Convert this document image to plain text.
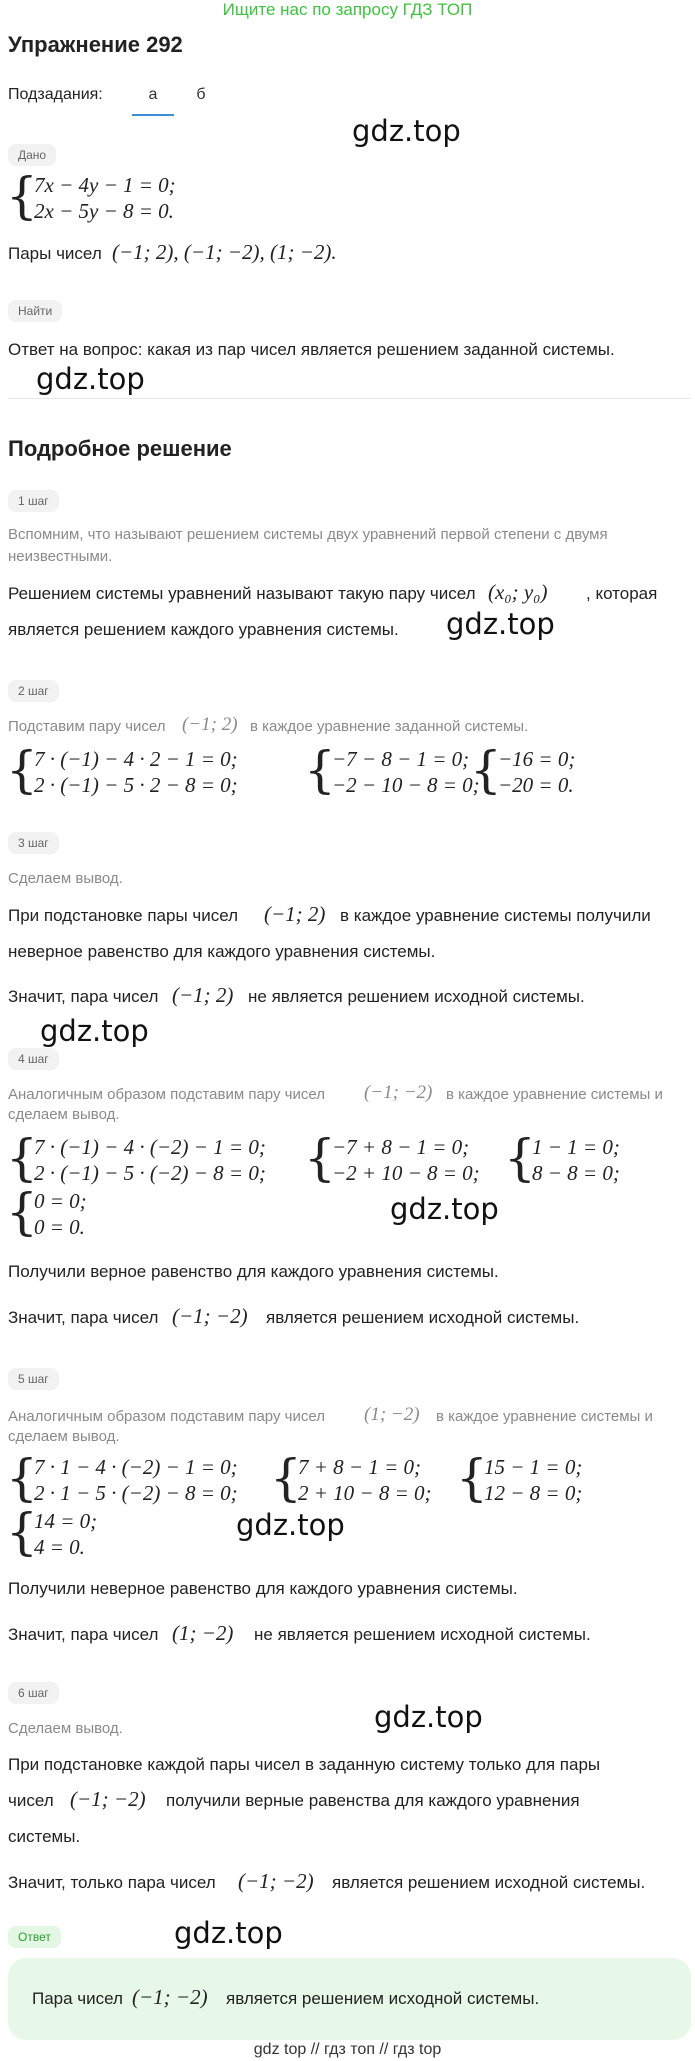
Ищите нас по запросу ГДЗ ТОП
Упражнение 292
Подзадания:	а	б
gdz.top
Дано
{
7x − 4y − 1 = 0;
2x − 5y − 8 = 0.
Пары чисел (−1; 2), (−1; −2), (1; −2).
Найти
Ответ на вопрос: какая из пар чисел является решением заданной системы.
gdz.top
Подробное решение
1 шаг
Вспомним, что называют решением системы двух уравнений первой степени с двумя неизвестными.
Решением системы уравнений называют такую пару чисел (x₀; y₀) , которая
является решением каждого уравнения системы. gdz.top
2 шаг
Подставим пару чисел (−1; 2) в каждое уравнение заданной системы.
{
7 · (−1) − 4 · 2 − 1 = 0;
2 · (−1) − 5 · 2 − 8 = 0; {
−7 − 8 − 1 = 0;
−2 − 10 − 8 = 0;
{
−16 = 0;
−20 = 0.
3 шаг
Сделаем вывод.
При подстановке пары чисел (−1; 2) в каждое уравнение системы получили
неверное равенство для каждого уравнения системы.
Значит, пара чисел (−1; 2) не является решением исходной системы.
gdz.top
4 шаг
Аналогичным образом подставим пару чисел (−1; −2) в каждое уравнение системы и
сделаем вывод.
{
7 · (−1) − 4 · (−2) − 1 = 0;
2 · (−1) − 5 · (−2) − 8 = 0; {
−7 + 8 − 1 = 0;
−2 + 10 − 8 = 0; {
1 − 1 = 0;
8 − 8 = 0;
{
0 = 0;
0 = 0.
gdz.top
Получили верное равенство для каждого уравнения системы.
Значит, пара чисел (−1; −2) является решением исходной системы.
5 шаг
Аналогичным образом подставим пару чисел (1; −2) в каждое уравнение системы и
сделаем вывод.
{
7 · 1 − 4 · (−2) − 1 = 0;
2 · 1 − 5 · (−2) − 8 = 0; {
7 + 8 − 1 = 0;
2 + 10 − 8 = 0; {
15 − 1 = 0;
12 − 8 = 0;
{
14 = 0;
4 = 0.
gdz.top
Получили неверное равенство для каждого уравнения системы.
Значит, пара чисел (1; −2) не является решением исходной системы.
6 шаг
Сделаем вывод.	gdz.top
При подстановке каждой пары чисел в заданную систему только для пары
чисел (−1; −2) получили верные равенства для каждого уравнения
системы.
Значит, только пара чисел (−1; −2) является решением исходной системы.
Ответ	gdz.top
Пара чисел (−1; −2) является решением исходной системы.
gdz top // гдз топ // гдз top
